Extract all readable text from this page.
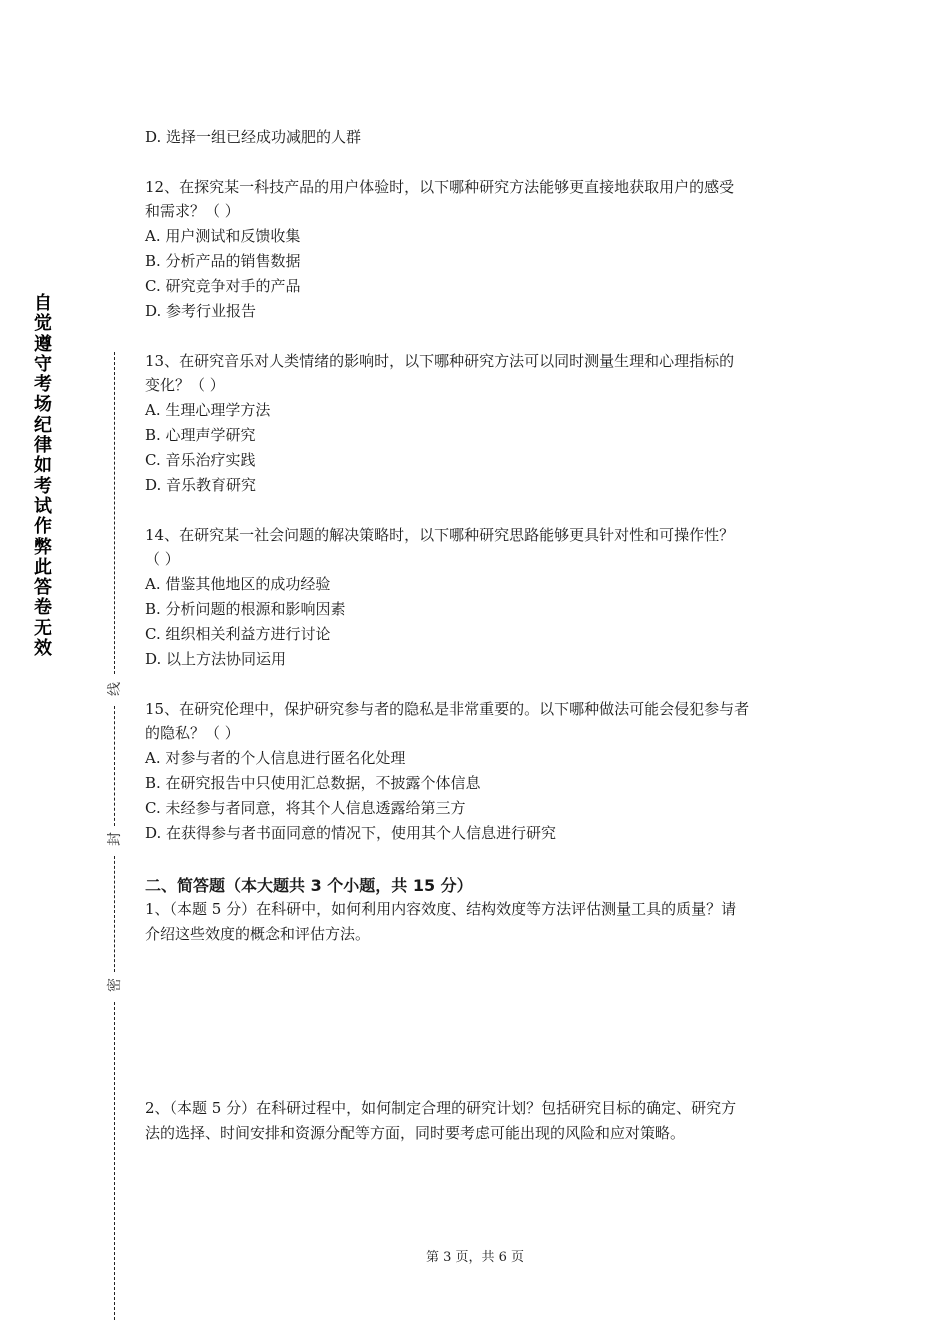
自
觉
遵
守
考
场
纪
律
如
考
试
作
弊
此
答
卷
无
效
线
封
密
D. 选择一组已经成功减肥的人群
12、在探究某一科技产品的用户体验时，以下哪种研究方法能够更直接地获取用户的感受
和需求？（ ）
A. 用户测试和反馈收集
B. 分析产品的销售数据
C. 研究竞争对手的产品
D. 参考行业报告
13、在研究音乐对人类情绪的影响时，以下哪种研究方法可以同时测量生理和心理指标的
变化？（ ）
A. 生理心理学方法
B. 心理声学研究
C. 音乐治疗实践
D. 音乐教育研究
14、在研究某一社会问题的解决策略时，以下哪种研究思路能够更具针对性和可操作性？
（ ）
A. 借鉴其他地区的成功经验
B. 分析问题的根源和影响因素
C. 组织相关利益方进行讨论
D. 以上方法协同运用
15、在研究伦理中，保护研究参与者的隐私是非常重要的。以下哪种做法可能会侵犯参与者
的隐私？（ ）
A. 对参与者的个人信息进行匿名化处理
B. 在研究报告中只使用汇总数据，不披露个体信息
C. 未经参与者同意，将其个人信息透露给第三方
D. 在获得参与者书面同意的情况下，使用其个人信息进行研究
二、简答题（本大题共 3 个小题，共 15 分）
1、（本题 5 分）在科研中，如何利用内容效度、结构效度等方法评估测量工具的质量？请
介绍这些效度的概念和评估方法。
2、（本题 5 分）在科研过程中，如何制定合理的研究计划？包括研究目标的确定、研究方
法的选择、时间安排和资源分配等方面，同时要考虑可能出现的风险和应对策略。
第 3 页，共 6 页
